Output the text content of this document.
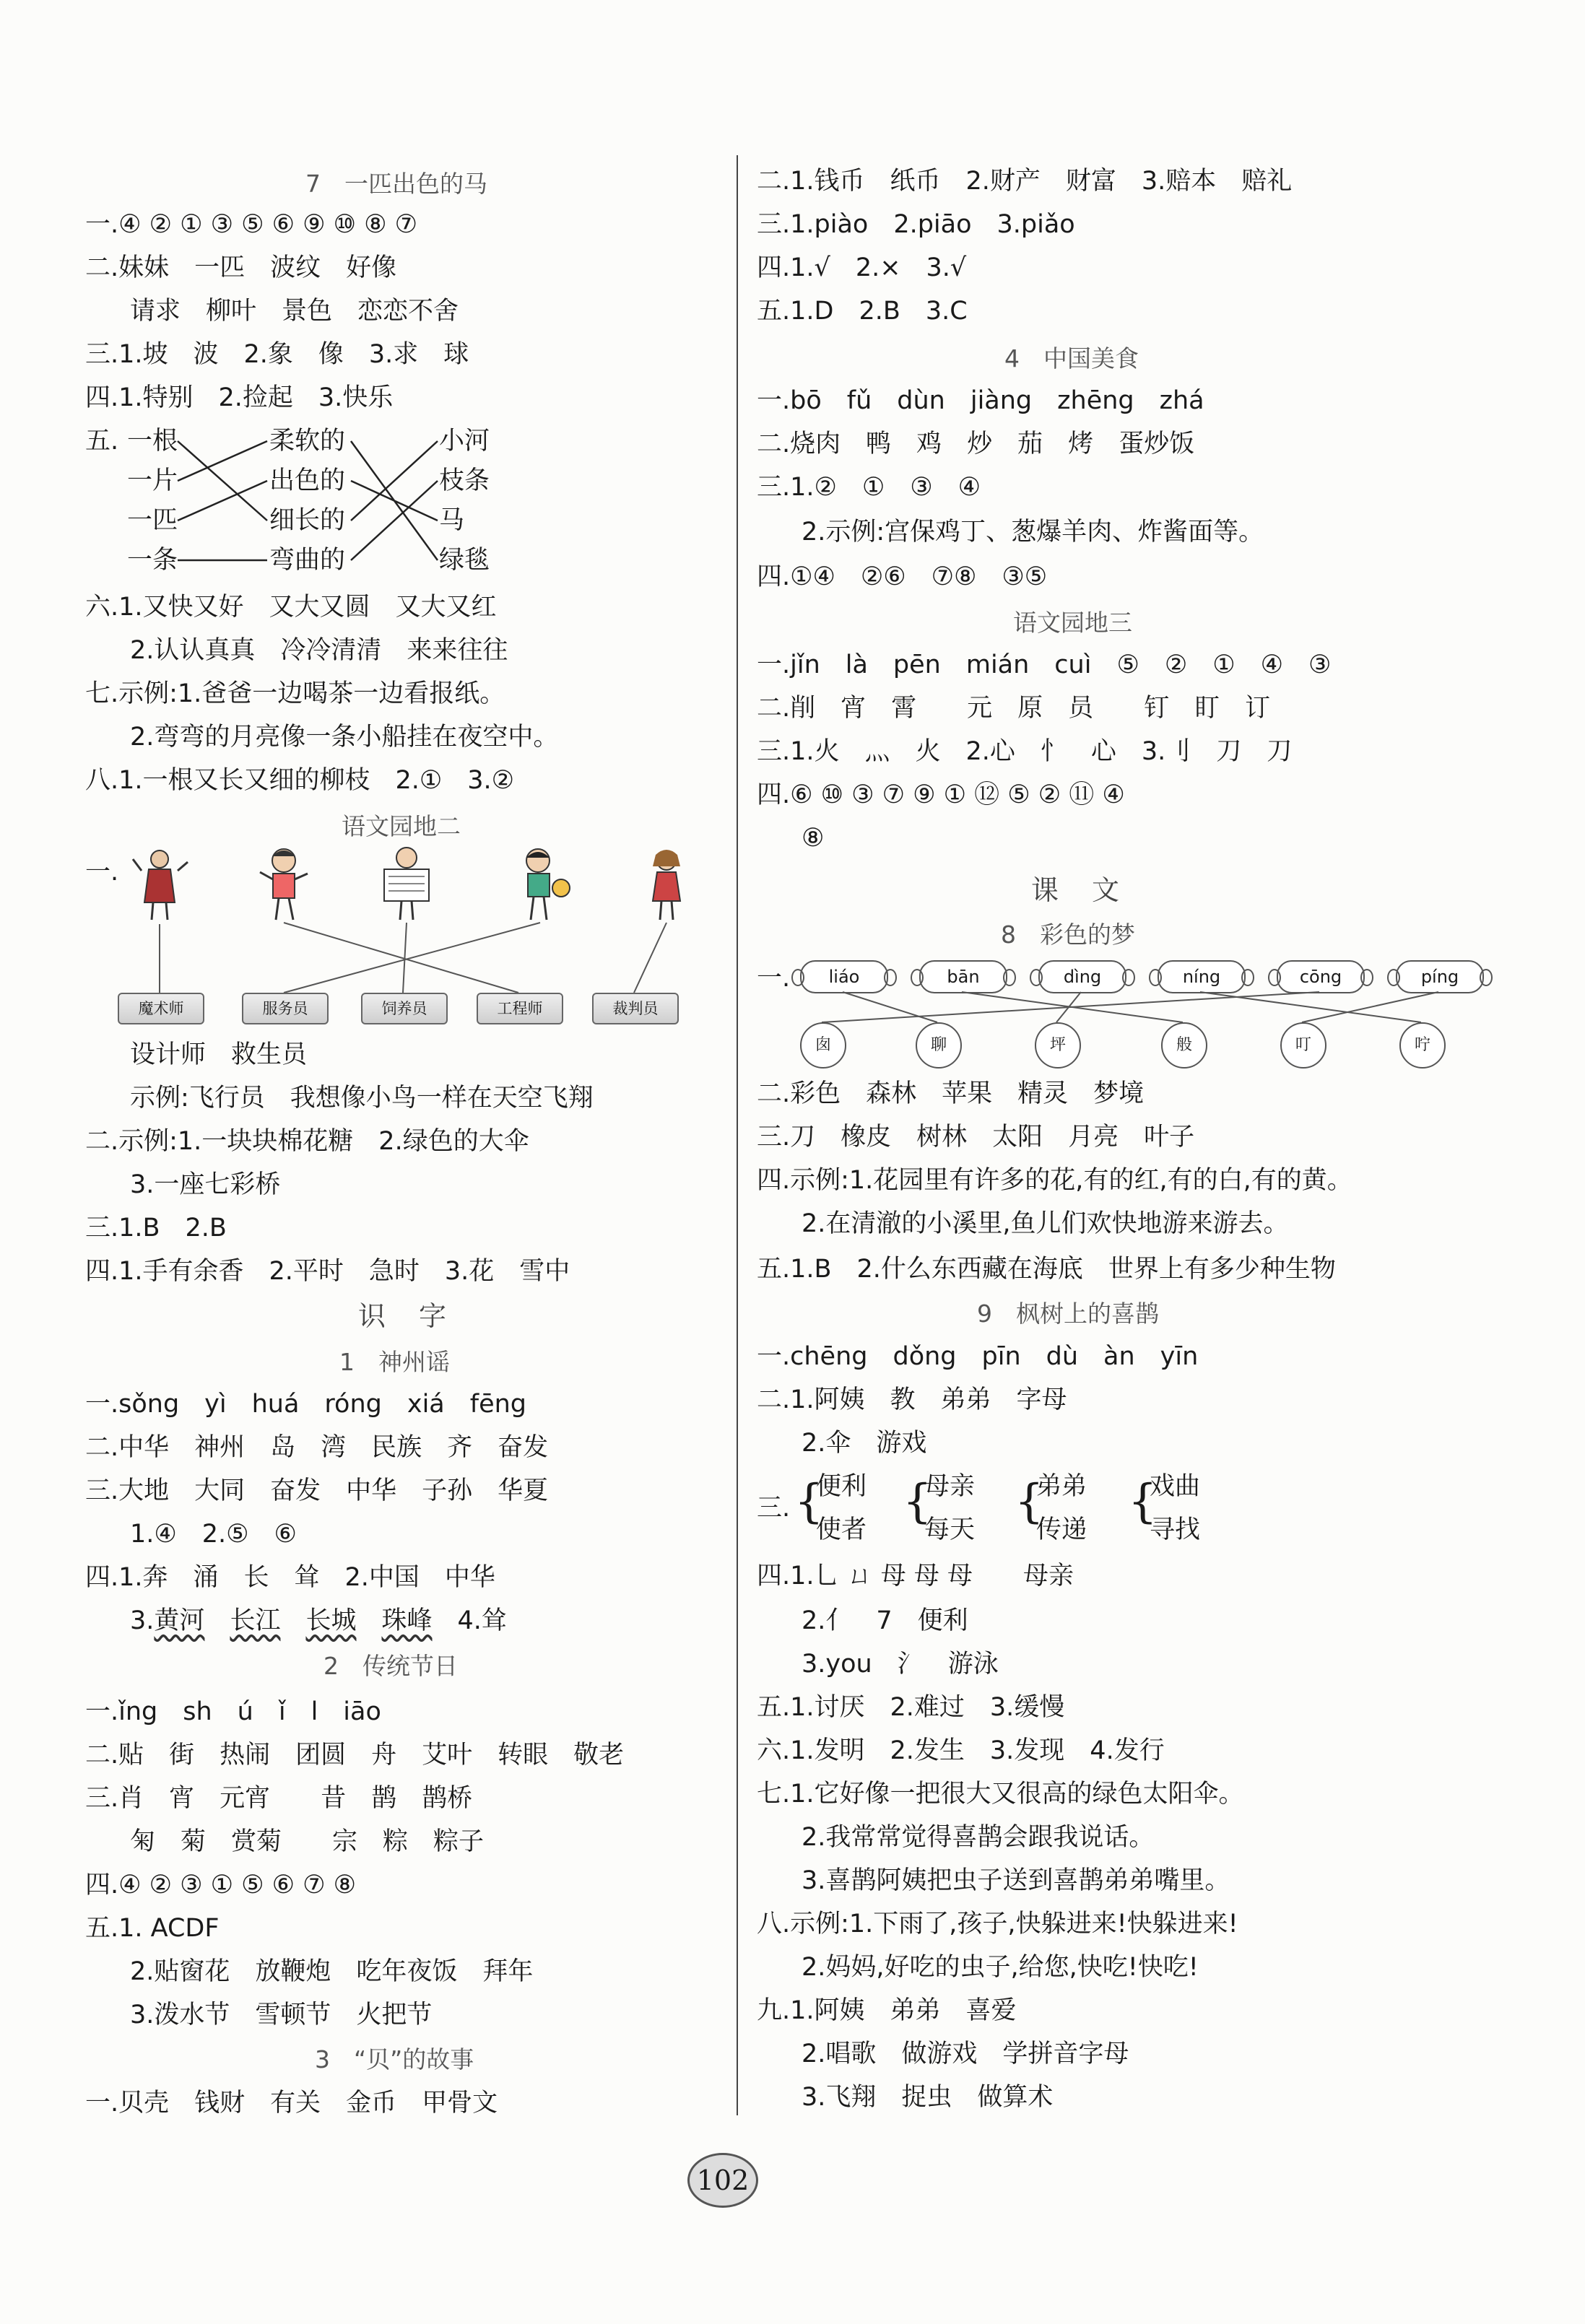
7　一匹出色的马
一.④ ② ① ③ ⑤ ⑥ ⑨ ⑩ ⑧ ⑦
二.妹妹　一匹　波纹　好像
请求　柳叶　景色　恋恋不舍
三.1.坡　波　2.象　像　3.求　球
四.1.特别　2.捡起　3.快乐
五. 一根
一片
一匹
一条
柔软的
出色的
细长的
弯曲的
小河
枝条
马
绿毯
六.1.又快又好　又大又圆　又大又红
2.认认真真　冷冷清清　来来往往
七.示例:1.爸爸一边喝茶一边看报纸。
2.弯弯的月亮像一条小船挂在夜空中。
八.1.一根又长又细的柳枝　2.①　3.②
语文园地二
一.
魔术师	服务员	饲养员	工程师	裁判员
设计师　救生员
示例:飞行员　我想像小鸟一样在天空飞翔
二.示例:1.一块块棉花糖　2.绿色的大伞
3.一座七彩桥
三.1.B　2.B
四.1.手有余香　2.平时　急时　3.花　雪中
识　字
1　神州谣
一.sǒng　yì　huá　róng　xiá　fēng
二.中华　神州　岛　湾　民族　齐　奋发
三.大地　大同　奋发　中华　子孙　华夏
1.④　2.⑤　⑥
四.1.奔　涌　长　耸　2.中国　中华
3.黄河　 长江　 长城　 珠峰　 4.耸
2　传统节日
一.ǐng　sh　ú　ǐ　l　iāo
二.贴　街　热闹　团圆　舟　艾叶　转眼　敬老
三.肖　宵　元宵　　昔　鹊　鹊桥
匊　菊　赏菊　　宗　粽　粽子
四.④ ② ③ ① ⑤ ⑥ ⑦ ⑧
五.1. ACDF
2.贴窗花　放鞭炮　吃年夜饭　拜年
3.泼水节　雪顿节　火把节
3　“贝”的故事
一.贝壳　钱财　有关　金币　甲骨文
二.1.钱币　纸币　2.财产　财富　3.赔本　赔礼
三.1.piào　2.piāo　3.piǎo
四.1.√　2.×　3.√
五.1.D　2.B　3.C
4　中国美食
一.bō　fǔ　dùn　jiàng　zhēng　zhá
二.烧肉　鸭　鸡　炒　茄　烤　蛋炒饭
三.1.②　①　③　④
2.示例:宫保鸡丁、葱爆羊肉、炸酱面等。
四.①④　②⑥　⑦⑧　③⑤
语文园地三
一.jǐn　là　pēn　mián　cuì　⑤　②　①　④　③
二.削　宵　霄　　元　原　员　　钉　盯　订
三.1.火　灬　火　2.心　忄　心　3.刂　刀　刀
四.⑥ ⑩ ③ ⑦ ⑨ ① ⑫ ⑤ ② ⑪ ④
⑧
课　文
8　彩色的梦
一.	liáo	bān	dìng	níng	cōng	píng
囱	聊	坪	般	叮	咛
二.彩色　森林　苹果　精灵　梦境
三.刀　橡皮　树林　太阳　月亮　叶子
四.示例:1.花园里有许多的花,有的红,有的白,有的黄。
2.在清澈的小溪里,鱼儿们欢快地游来游去。
五.1.B　2.什么东西藏在海底　世界上有多少种生物
9　枫树上的喜鹊
一.chēng　dǒng　pīn　dù　àn　yīn
二.1.阿姨　教　弟弟　字母
2.伞　游戏
三. {
便利
使者
{
母亲
每天
{
弟弟
传递
{
戏曲
寻找
四.1.乚 ㄩ 母 母 母　　母亲
2.亻　7　便利
3.you　氵　游泳
五.1.讨厌　2.难过　3.缓慢
六.1.发明　2.发生　3.发现　4.发行
七.1.它好像一把很大又很高的绿色太阳伞。
2.我常常觉得喜鹊会跟我说话。
3.喜鹊阿姨把虫子送到喜鹊弟弟嘴里。
八.示例:1.下雨了,孩子,快躲进来!快躲进来!
2.妈妈,好吃的虫子,给您,快吃!快吃!
九.1.阿姨　弟弟　喜爱
2.唱歌　做游戏　学拼音字母
3.飞翔　捉虫　做算术
102
